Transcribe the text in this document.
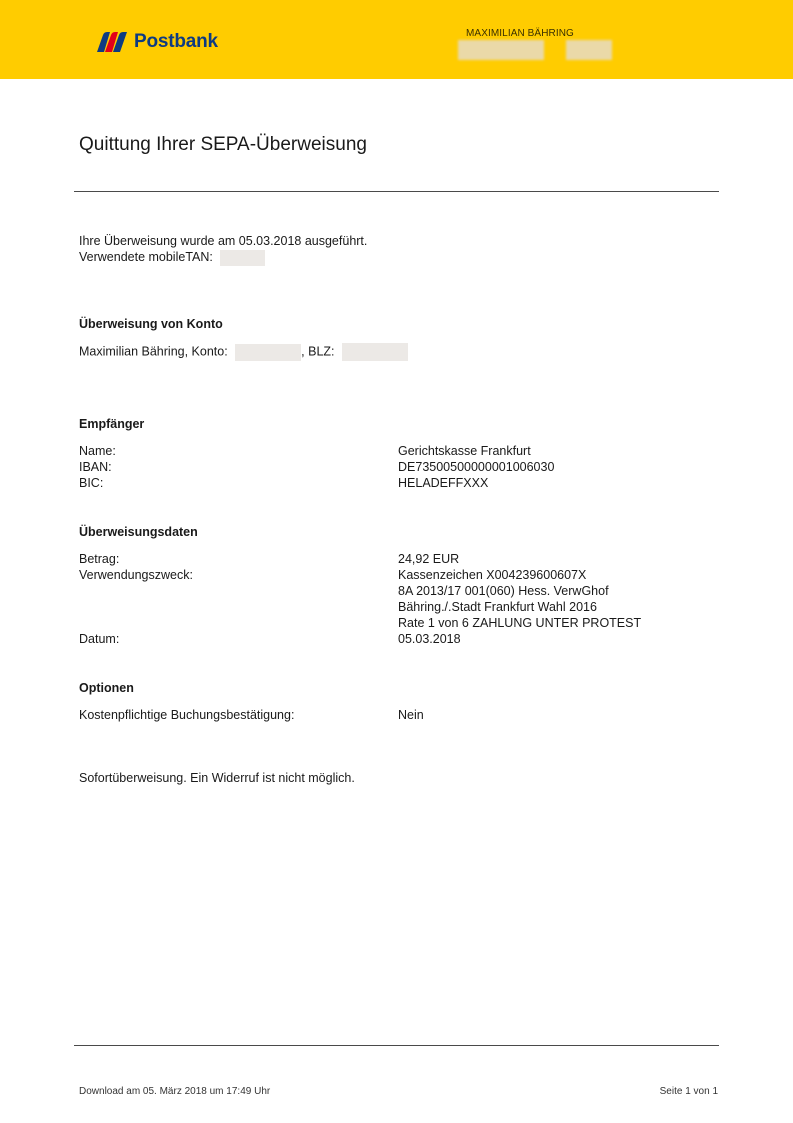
Postbank	MAXIMILIAN BÄHRING
Quittung Ihrer SEPA-Überweisung

Ihre Überweisung wurde am 05.03.2018 ausgeführt.

Verwendete mobileTAN:

Überweisung von Konto

Maximilian Bähring, Konto:	, BLZ:

Empfänger

Name:	Gerichtskasse Frankfurt

IBAN:	DE73500500000001006030

BIC:	HELADEFFXXX

Überweisungsdaten

Betrag:	24,92 EUR

Verwendungszweck:	Kassenzeichen X004239600607X

8A 2013/17 001(060) Hess. VerwGhof

Bähring./.Stadt Frankfurt Wahl 2016

Rate 1 von 6 ZAHLUNG UNTER PROTEST

Datum:	05.03.2018

Optionen

Kostenpflichtige Buchungsbestätigung:	Nein

Sofortüberweisung. Ein Widerruf ist nicht möglich.

Download am 05. März 2018 um 17:49 Uhr	Seite 1 von 1
